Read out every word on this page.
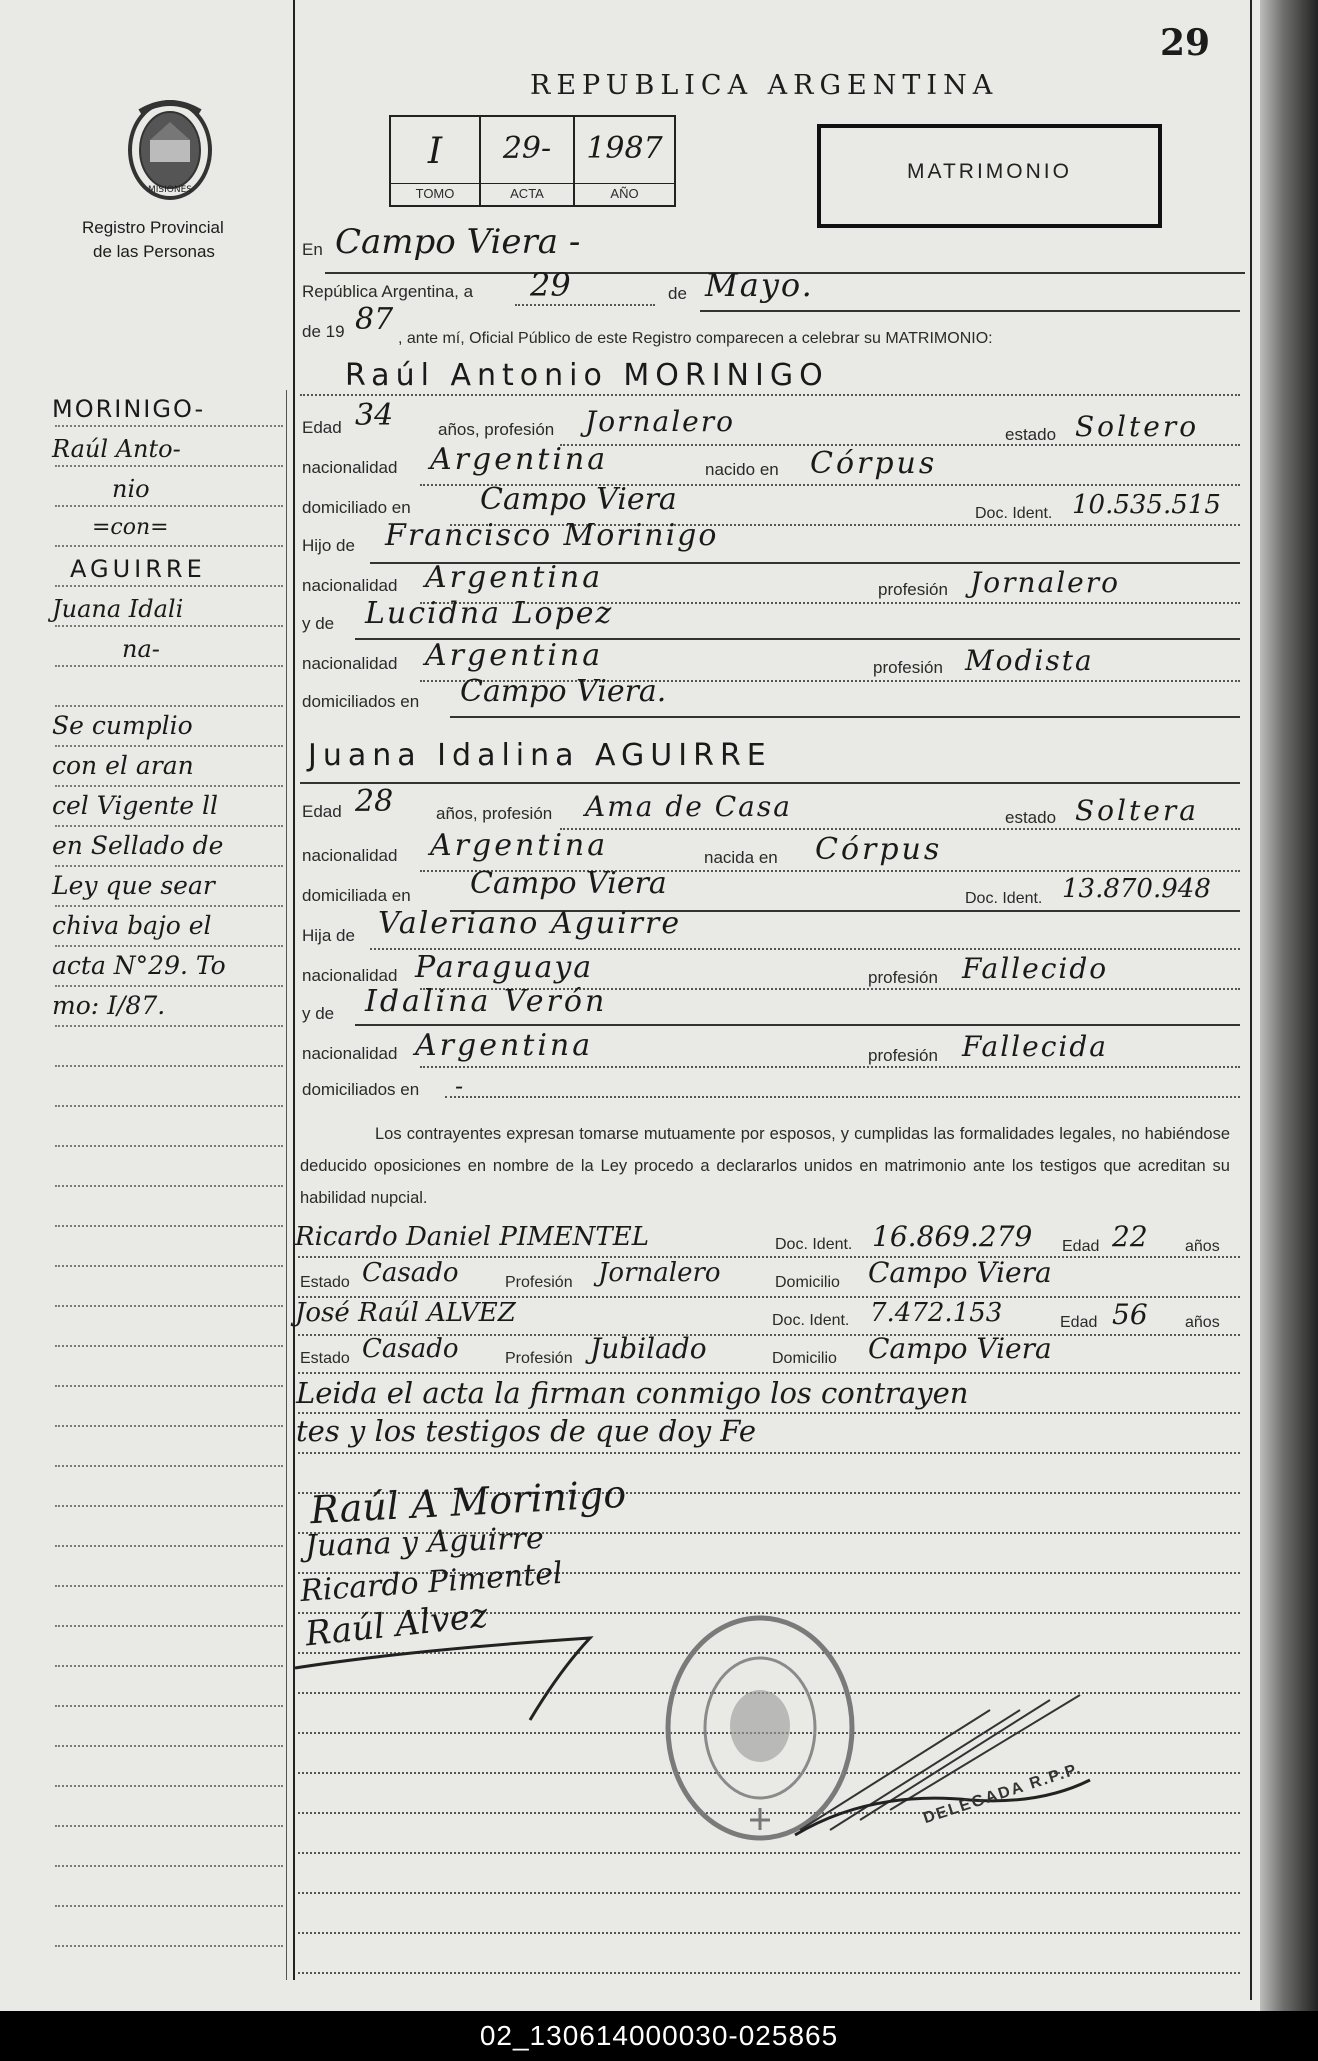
29
REPUBLICA ARGENTINA
MISIONES
Registro Provincial
de las Personas
I
TOMO
29-
ACTA
1987
AÑO
MATRIMONIO
MORINIGO-
Raúl Anto-
nio
=con=
AGUIRRE
Juana Idali
na-
Se cumplio
con el aran
cel Vigente ll
en Sellado de
Ley que sear
chiva bajo el
acta N°29. To
mo: I/87.
En Campo Viera -
República Argentina, a 29	de Mayo.
de 19 87
, ante mí, Oficial Público de este Registro comparecen a celebrar su MATRIMONIO:
Raúl Antonio MORINIGO
Edad 34	años, profesión Jornalero	estado Soltero
nacionalidad Argentina	nacido en Córpus
domiciliado en Campo Viera	Doc. Ident. 10.535.515
Hijo de Francisco Morinigo
nacionalidad Argentina	profesión Jornalero
y de Lucidna Lopez
nacionalidad Argentina	profesión Modista
domiciliados en Campo Viera.
Juana Idalina AGUIRRE
Edad 28	años, profesión Ama de Casa	estado Soltera
nacionalidad Argentina	nacida en Córpus
domiciliada en Campo Viera	Doc. Ident. 13.870.948
Hija de Valeriano Aguirre
nacionalidad Paraguaya	profesión Fallecido
y de Idalina Verón
nacionalidad Argentina	profesión Fallecida
domiciliados en -
Los contrayentes expresan tomarse mutuamente por esposos, y cumplidas las formalidades legales, no habiéndose deducido oposiciones en nombre de la Ley procedo a declararlos unidos en matrimonio ante los testigos que acreditan su habilidad nupcial.
Ricardo Daniel PIMENTEL	Doc. Ident. 16.869.279 Edad 22 años
Estado Casado	Profesión Jornalero	Domicilio Campo Viera
José Raúl ALVEZ	Doc. Ident. 7.472.153	Edad 56 años
Estado Casado	Profesión Jubilado	Domicilio Campo Viera
Leida el acta la firman conmigo los contrayen
tes y los testigos de que doy Fe
Raúl A Morinigo
Juana y Aguirre
Ricardo Pimentel
Raúl Alvez
DELEGADA R.P.P.
02_130614000030-025865
